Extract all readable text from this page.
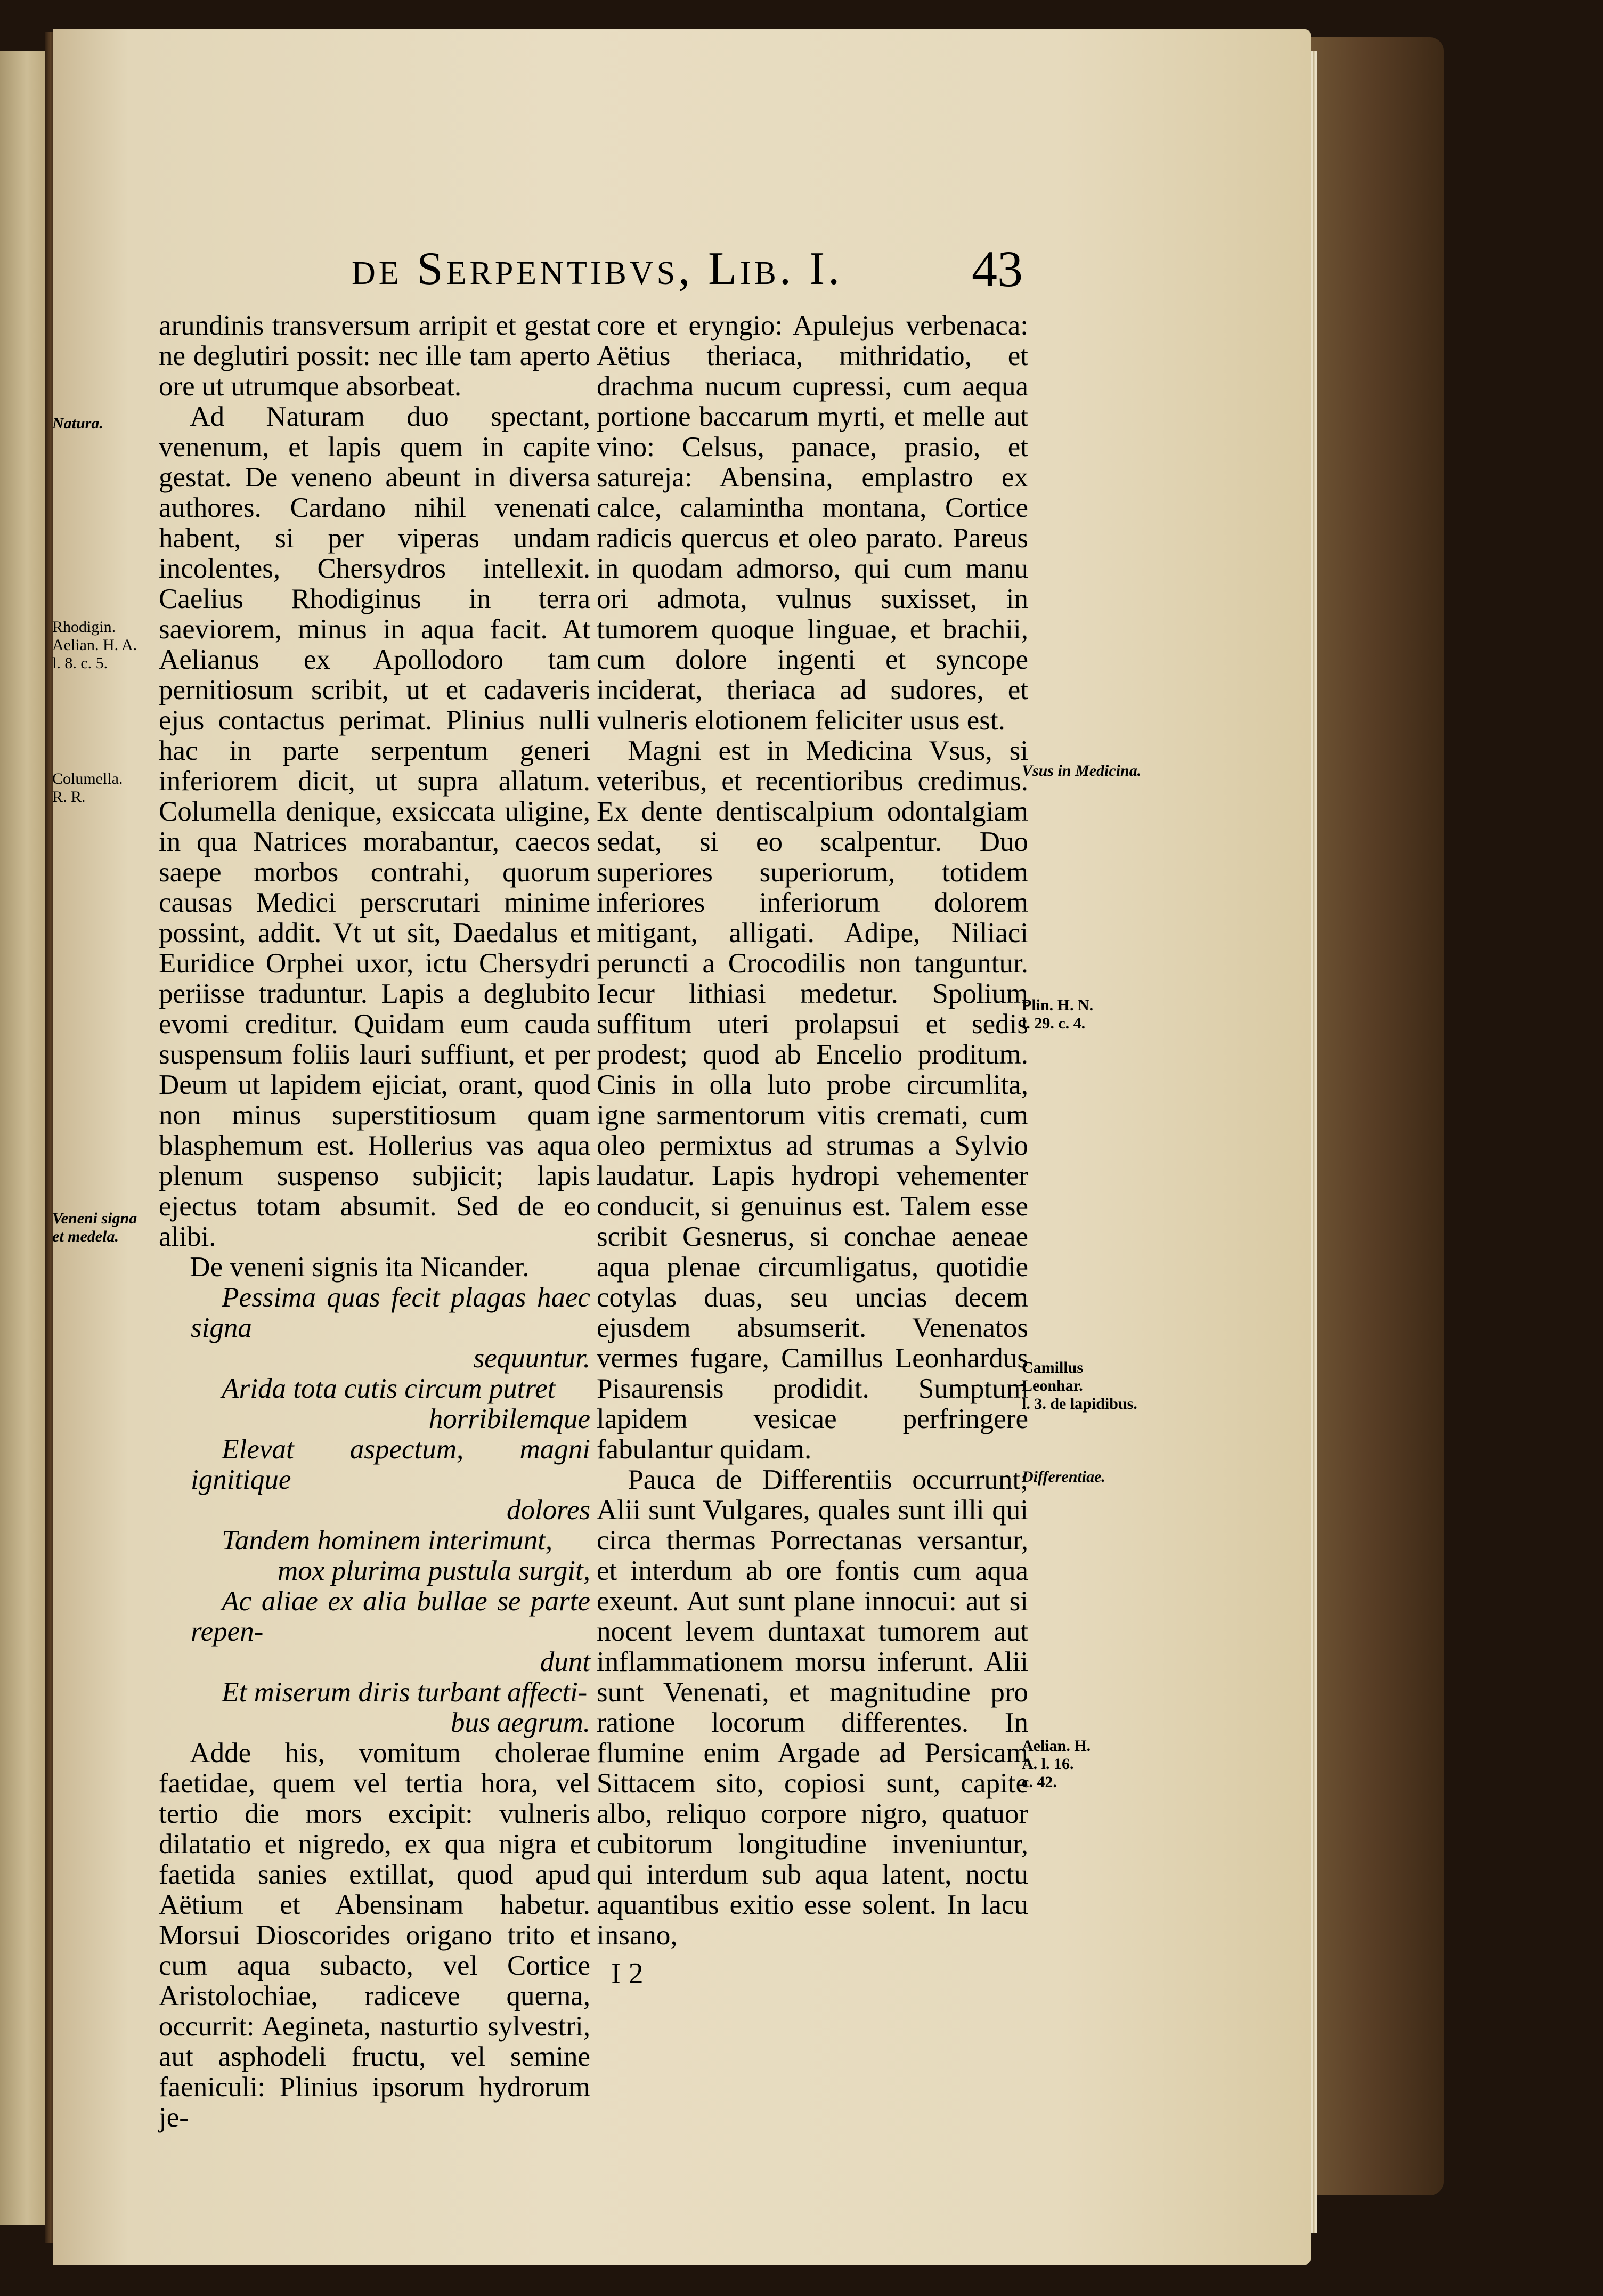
de Serpentibvs, Lib. I.	43

arundinis transversum arripit et gestat ne deglutiri possit: nec ille tam aperto ore ut utrumque absorbeat.

Ad Naturam duo spectant, venenum, et lapis quem in capite gestat. De veneno abeunt in diversa authores. Cardano nihil venenati habent, si per viperas undam incolentes, Chersydros intellexit. Caelius Rhodiginus in terra saeviorem, minus in aqua facit. At Aelianus ex Apollodoro tam pernitiosum scribit, ut et cadaveris ejus contactus perimat. Plinius nulli hac in parte serpentum generi inferiorem dicit, ut supra allatum. Columella denique, exsiccata uligine, in qua Natrices morabantur, caecos saepe morbos contrahi, quorum causas Medici perscrutari minime possint, addit. Vt ut sit, Daedalus et Euridice Orphei uxor, ictu Chersydri periisse traduntur. Lapis a deglubito evomi creditur. Quidam eum cauda suspensum foliis lauri suffiunt, et per Deum ut lapidem ejiciat, orant, quod non minus superstitiosum quam blasphemum est. Hollerius vas aqua plenum suspenso subjicit; lapis ejectus totam absumit. Sed de eo alibi.

De veneni signis ita Nicander.

Pessima quas fecit plagas haec signa
sequuntur.

Arida tota cutis circum putret
horribilemque

Elevat aspectum, magni ignitique
dolores

Tandem hominem interimunt,
mox plurima pustula surgit,

Ac aliae ex alia bullae se parte repen-
dunt

Et miserum diris turbant affecti-
bus aegrum.

Adde his, vomitum cholerae faetidae, quem vel tertia hora, vel tertio die mors excipit: vulneris dilatatio et nigredo, ex qua nigra et faetida sanies extillat, quod apud Aëtium et Abensinam habetur. Morsui Dioscorides origano trito et cum aqua subacto, vel Cortice Aristolochiae, radiceve querna, occurrit: Aegineta, nasturtio sylvestri, aut asphodeli fructu, vel semine faeniculi: Plinius ipsorum hydrorum je-

core et eryngio: Apulejus verbenaca: Aëtius theriaca, mithridatio, et drachma nucum cupressi, cum aequa portione baccarum myrti, et melle aut vino: Celsus, panace, prasio, et satureja: Abensina, emplastro ex calce, calamintha montana, Cortice radicis quercus et oleo parato. Pareus in quodam admorso, qui cum manu ori admota, vulnus suxisset, in tumorem quoque linguae, et brachii, cum dolore ingenti et syncope inciderat, theriaca ad sudores, et vulneris elotionem feliciter usus est.

Magni est in Medicina Vsus, si veteribus, et recentioribus credimus. Ex dente dentiscalpium odontalgiam sedat, si eo scalpentur. Duo superiores superiorum, totidem inferiores inferiorum dolorem mitigant, alligati. Adipe, Niliaci peruncti a Crocodilis non tanguntur. Iecur lithiasi medetur. Spolium suffitum uteri prolapsui et sedis prodest; quod ab Encelio proditum. Cinis in olla luto probe circumlita, igne sarmentorum vitis cremati, cum oleo permixtus ad strumas a Sylvio laudatur. Lapis hydropi vehementer conducit, si genuinus est. Talem esse scribit Gesnerus, si conchae aeneae aqua plenae circumligatus, quotidie cotylas duas, seu uncias decem ejusdem absumserit. Venenatos vermes fugare, Camillus Leonhardus Pisaurensis prodidit. Sumptum lapidem vesicae perfringere fabulantur quidam.

Pauca de Differentiis occurrunt; Alii sunt Vulgares, quales sunt illi qui circa thermas Porrectanas versantur, et interdum ab ore fontis cum aqua exeunt. Aut sunt plane innocui: aut si nocent levem duntaxat tumorem aut inflammationem morsu inferunt. Alii sunt Venenati, et magnitudine pro ratione locorum differentes. In flumine enim Argade ad Persicam Sittacem sito, copiosi sunt, capite albo, reliquo corpore nigro, quatuor cubitorum longitudine inveniuntur, qui interdum sub aqua latent, noctu aquantibus exitio esse solent. In lacu insano,

Natura.
Rhodigin.
Aelian. H. A.
l. 8. c. 5.
Columella.
R. R.
Veneni signa et medela.
Vsus in Medicina.
Plin. H. N.
l. 29. c. 4.
Camillus
Leonhar.
l. 3. de lapidibus.
Differentiae.
Aelian. H.
A. l. 16.
c. 42.
I 2
